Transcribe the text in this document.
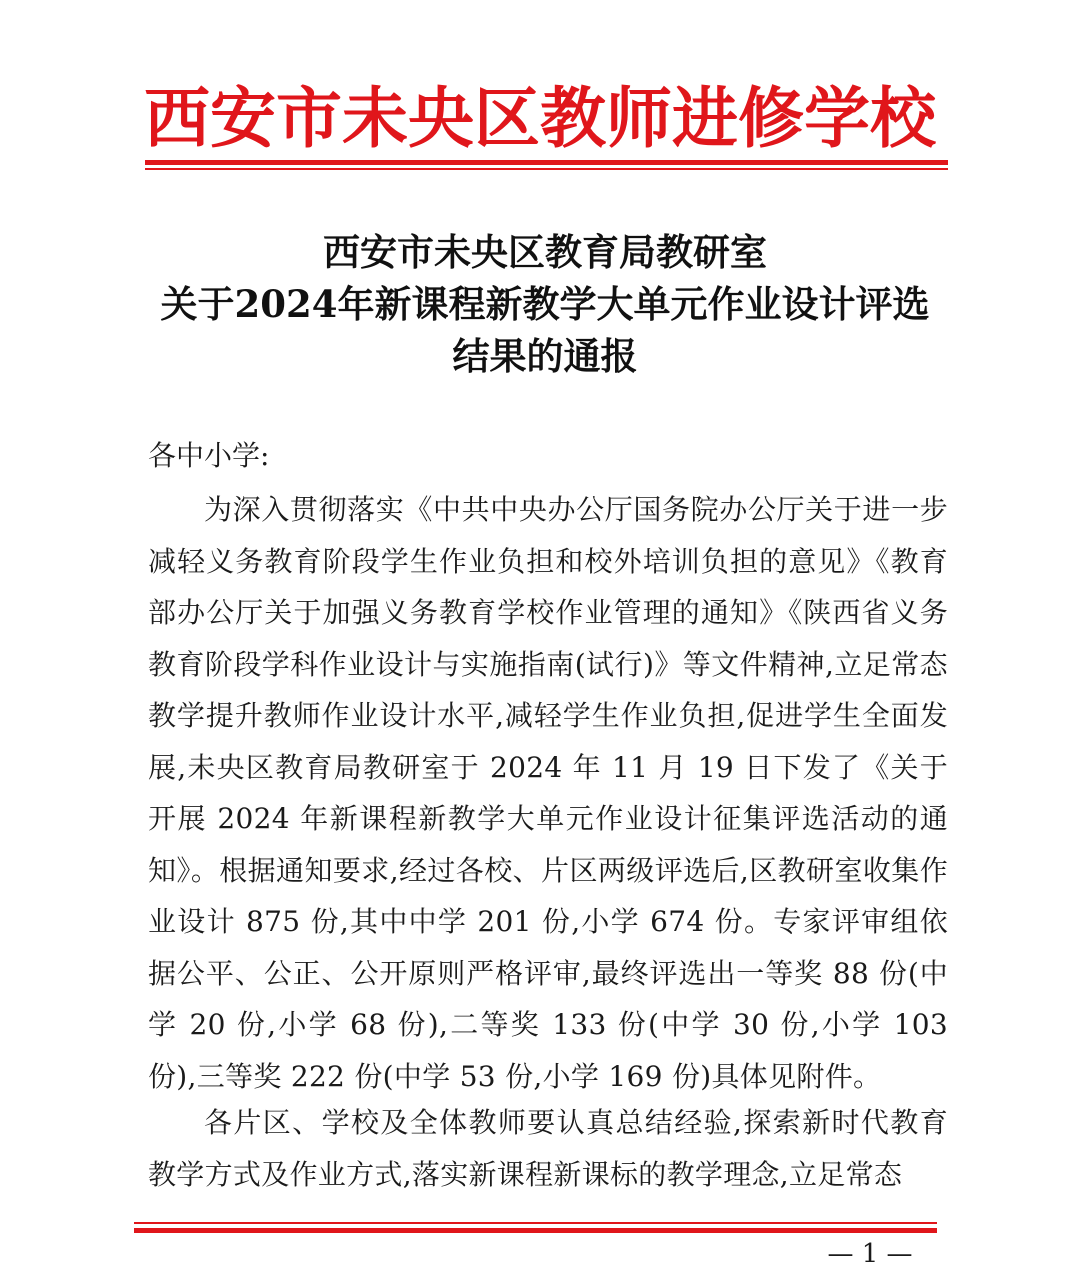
西安市未央区教师进修学校
西安市未央区教育局教研室
关于2024年新课程新教学大单元作业设计评选
结果的通报
各中小学:
为深入贯彻落实《中共中央办公厅国务院办公厅关于进一步减轻义务教育阶段学生作业负担和校外培训负担的意见》《教育部办公厅关于加强义务教育学校作业管理的通知》《陕西省义务教育阶段学科作业设计与实施指南(试行)》等文件精神,立足常态教学提升教师作业设计水平,减轻学生作业负担,促进学生全面发展,未央区教育局教研室于 2024 年 11 月 19 日下发了《关于开展 2024 年新课程新教学大单元作业设计征集评选活动的通知》。根据通知要求,经过各校、片区两级评选后,区教研室收集作业设计 875 份,其中中学 201 份,小学 674 份。专家评审组依据公平、公正、公开原则严格评审,最终评选出一等奖 88 份(中学 20 份,小学 68 份),二等奖 133 份(中学 30 份,小学 103 份),三等奖 222 份(中学 53 份,小学 169 份)具体见附件。
各片区、学校及全体教师要认真总结经验,探索新时代教育教学方式及作业方式,落实新课程新课标的教学理念,立足常态
— 1 —
